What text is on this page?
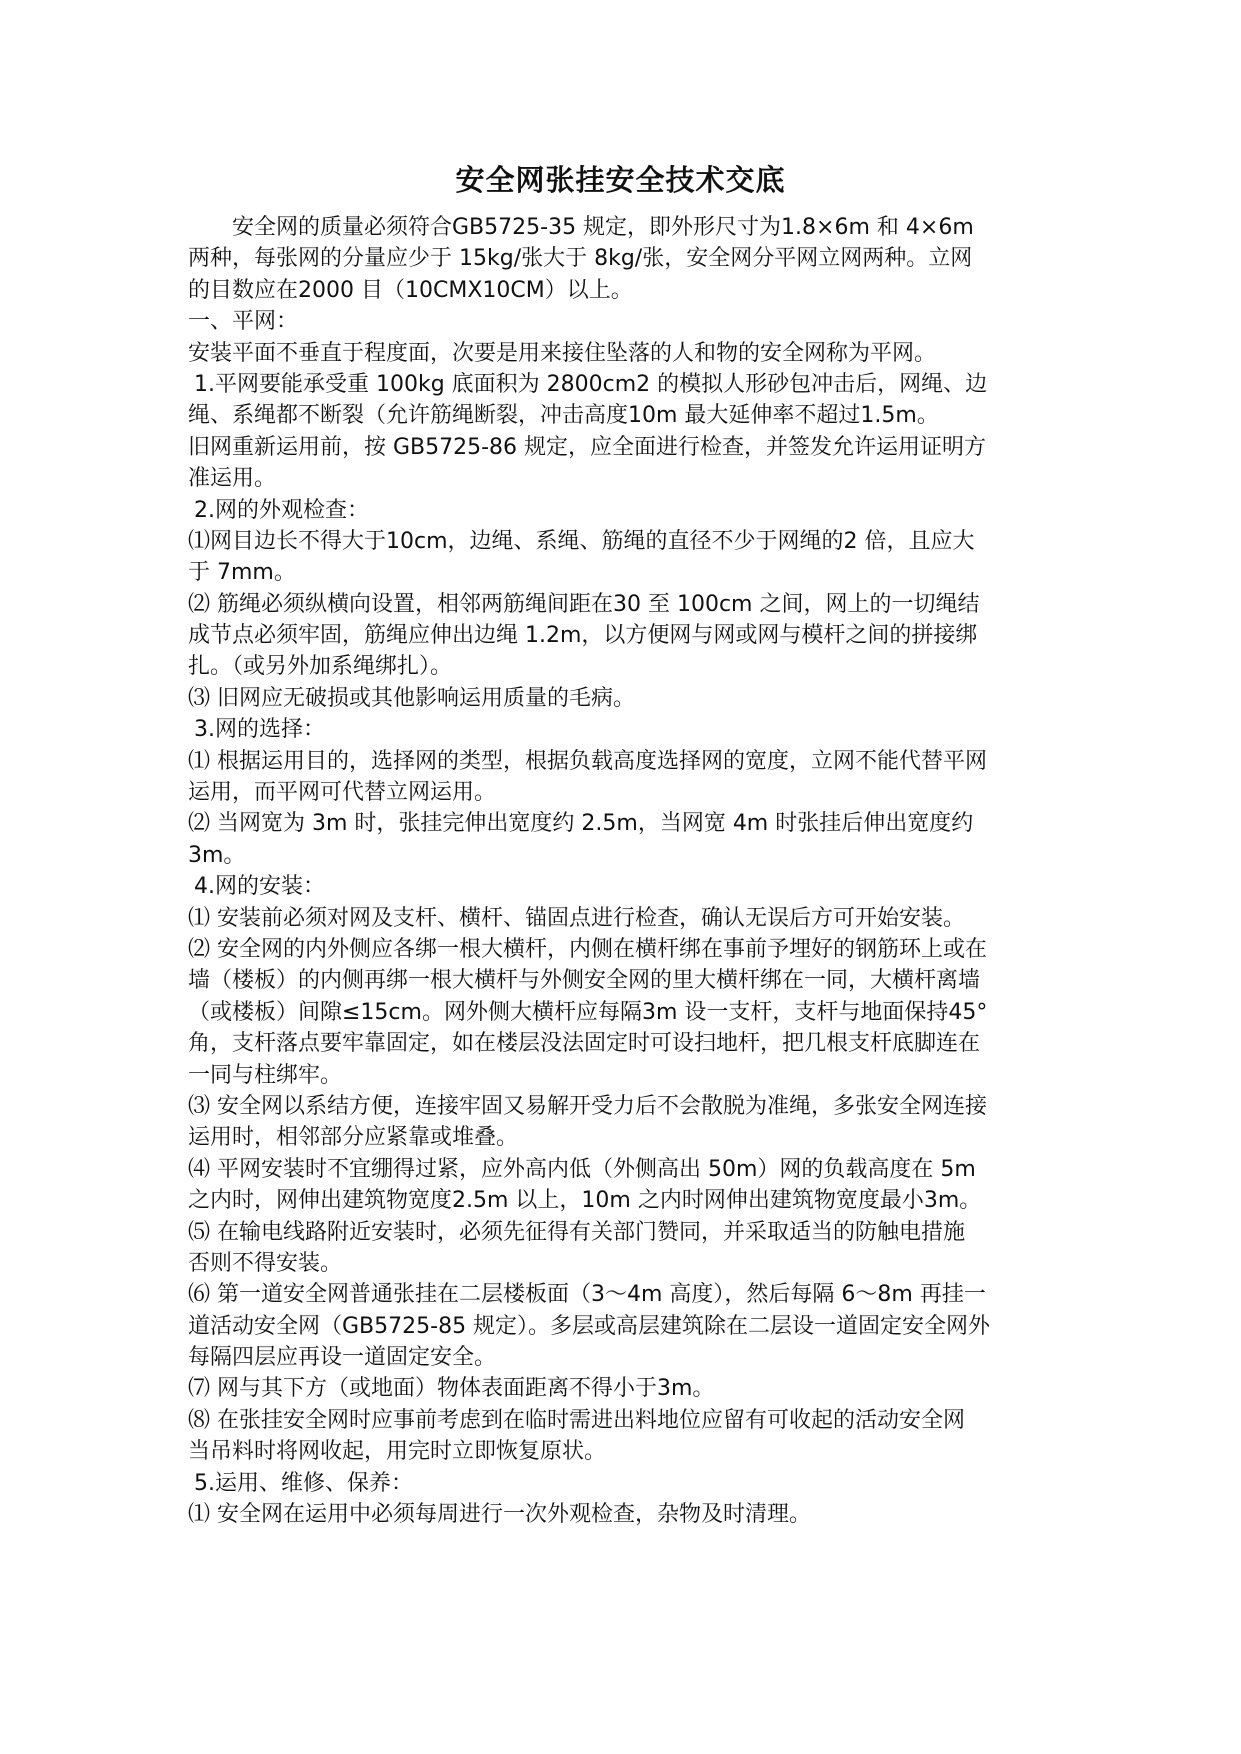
安全网张挂安全技术交底
安全网的质量必须符合GB5725-35 规定，即外形尺寸为1.8×6m 和 4×6m
两种，每张网的分量应少于 15kg/张大于 8kg/张，安全网分平网立网两种。立网
的目数应在2000 目（10CMX10CM）以上。
一、平网：
安装平面不垂直于程度面，次要是用来接住坠落的人和物的安全网称为平网。
1.平网要能承受重 100kg 底面积为 2800cm2 的模拟人形砂包冲击后，网绳、边
绳、系绳都不断裂（允许筋绳断裂，冲击高度10m 最大延伸率不超过1.5m。
旧网重新运用前，按 GB5725-86 规定，应全面进行检查，并签发允许运用证明方
准运用。
2.网的外观检查：
⑴网目边长不得大于10cm，边绳、系绳、筋绳的直径不少于网绳的2 倍，且应大
于 7mm。
⑵ 筋绳必须纵横向设置，相邻两筋绳间距在30 至 100cm 之间，网上的一切绳结
成节点必须牢固，筋绳应伸出边绳 1.2m，以方便网与网或网与模杆之间的拼接绑
扎。（或另外加系绳绑扎）。
⑶ 旧网应无破损或其他影响运用质量的毛病。
3.网的选择：
⑴ 根据运用目的，选择网的类型，根据负载高度选择网的宽度，立网不能代替平网
运用，而平网可代替立网运用。
⑵ 当网宽为 3m 时，张挂完伸出宽度约 2.5m，当网宽 4m 时张挂后伸出宽度约
3m。
4.网的安装：
⑴ 安装前必须对网及支杆、横杆、锚固点进行检查，确认无误后方可开始安装。
⑵ 安全网的内外侧应各绑一根大横杆，内侧在横杆绑在事前予埋好的钢筋环上或在
墙（楼板）的内侧再绑一根大横杆与外侧安全网的里大横杆绑在一同，大横杆离墙
（或楼板）间隙≤15cm。网外侧大横杆应每隔3m 设一支杆，支杆与地面保持45°
角，支杆落点要牢靠固定，如在楼层没法固定时可设扫地杆，把几根支杆底脚连在
一同与柱绑牢。
⑶ 安全网以系结方便，连接牢固又易解开受力后不会散脱为准绳，多张安全网连接
运用时，相邻部分应紧靠或堆叠。
⑷ 平网安装时不宜绷得过紧，应外高内低（外侧高出 50m）网的负载高度在 5m
之内时，网伸出建筑物宽度2.5m 以上，10m 之内时网伸出建筑物宽度最小3m。
⑸ 在输电线路附近安装时，必须先征得有关部门赞同，并采取适当的防触电措施
否则不得安装。
⑹ 第一道安全网普通张挂在二层楼板面（3～4m 高度），然后每隔 6～8m 再挂一
道活动安全网（GB5725-85 规定）。多层或高层建筑除在二层设一道固定安全网外
每隔四层应再设一道固定安全。
⑺ 网与其下方（或地面）物体表面距离不得小于3m。
⑻ 在张挂安全网时应事前考虑到在临时需进出料地位应留有可收起的活动安全网
当吊料时将网收起，用完时立即恢复原状。
5.运用、维修、保养：
⑴ 安全网在运用中必须每周进行一次外观检查，杂物及时清理。
